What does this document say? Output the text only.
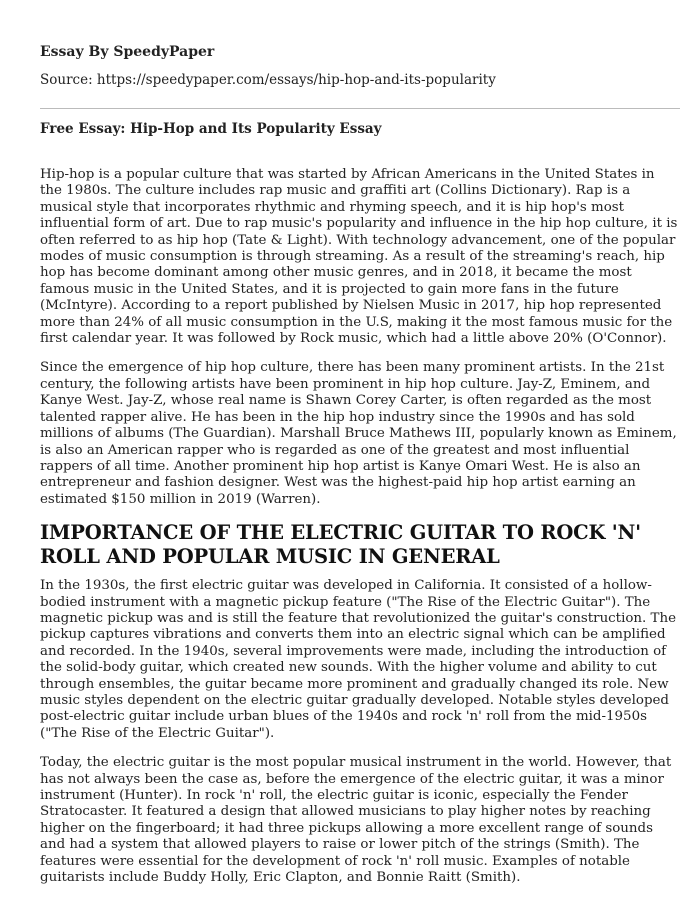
Essay By SpeedyPaper
Source: https://speedypaper.com/essays/hip-hop-and-its-popularity
Free Essay: Hip-Hop and Its Popularity Essay

Hip-hop is a popular culture that was started by African Americans in the United States in the 1980s. The culture includes rap music and graffiti art (Collins Dictionary). Rap is a musical style that incorporates rhythmic and rhyming speech, and it is hip hop's most influential form of art. Due to rap music's popularity and influence in the hip hop culture, it is often referred to as hip hop (Tate & Light). With technology advancement, one of the popular modes of music consumption is through streaming. As a result of the streaming's reach, hip hop has become dominant among other music genres, and in 2018, it became the most famous music in the United States, and it is projected to gain more fans in the future (McIntyre). According to a report published by Nielsen Music in 2017, hip hop represented more than 24% of all music consumption in the U.S, making it the most famous music for the first calendar year. It was followed by Rock music, which had a little above 20% (O'Connor).

Since the emergence of hip hop culture, there has been many prominent artists. In the 21st century, the following artists have been prominent in hip hop culture. Jay-Z, Eminem, and Kanye West. Jay-Z, whose real name is Shawn Corey Carter, is often regarded as the most talented rapper alive. He has been in the hip hop industry since the 1990s and has sold millions of albums (The Guardian). Marshall Bruce Mathews III, popularly known as Eminem, is also an American rapper who is regarded as one of the greatest and most influential rappers of all time. Another prominent hip hop artist is Kanye Omari West. He is also an entrepreneur and fashion designer. West was the highest-paid hip hop artist earning an estimated $150 million in 2019 (Warren).

IMPORTANCE OF THE ELECTRIC GUITAR TO ROCK 'N' ROLL AND POPULAR MUSIC IN GENERAL

In the 1930s, the first electric guitar was developed in California. It consisted of a hollow-bodied instrument with a magnetic pickup feature ("The Rise of the Electric Guitar"). The magnetic pickup was and is still the feature that revolutionized the guitar's construction. The pickup captures vibrations and converts them into an electric signal which can be amplified and recorded. In the 1940s, several improvements were made, including the introduction of the solid-body guitar, which created new sounds. With the higher volume and ability to cut through ensembles, the guitar became more prominent and gradually changed its role. New music styles dependent on the electric guitar gradually developed. Notable styles developed post-electric guitar include urban blues of the 1940s and rock 'n' roll from the mid-1950s ("The Rise of the Electric Guitar").

Today, the electric guitar is the most popular musical instrument in the world. However, that has not always been the case as, before the emergence of the electric guitar, it was a minor instrument (Hunter). In rock 'n' roll, the electric guitar is iconic, especially the Fender Stratocaster. It featured a design that allowed musicians to play higher notes by reaching higher on the fingerboard; it had three pickups allowing a more excellent range of sounds and had a system that allowed players to raise or lower pitch of the strings (Smith). The features were essential for the development of rock 'n' roll music. Examples of notable guitarists include Buddy Holly, Eric Clapton, and Bonnie Raitt (Smith).
